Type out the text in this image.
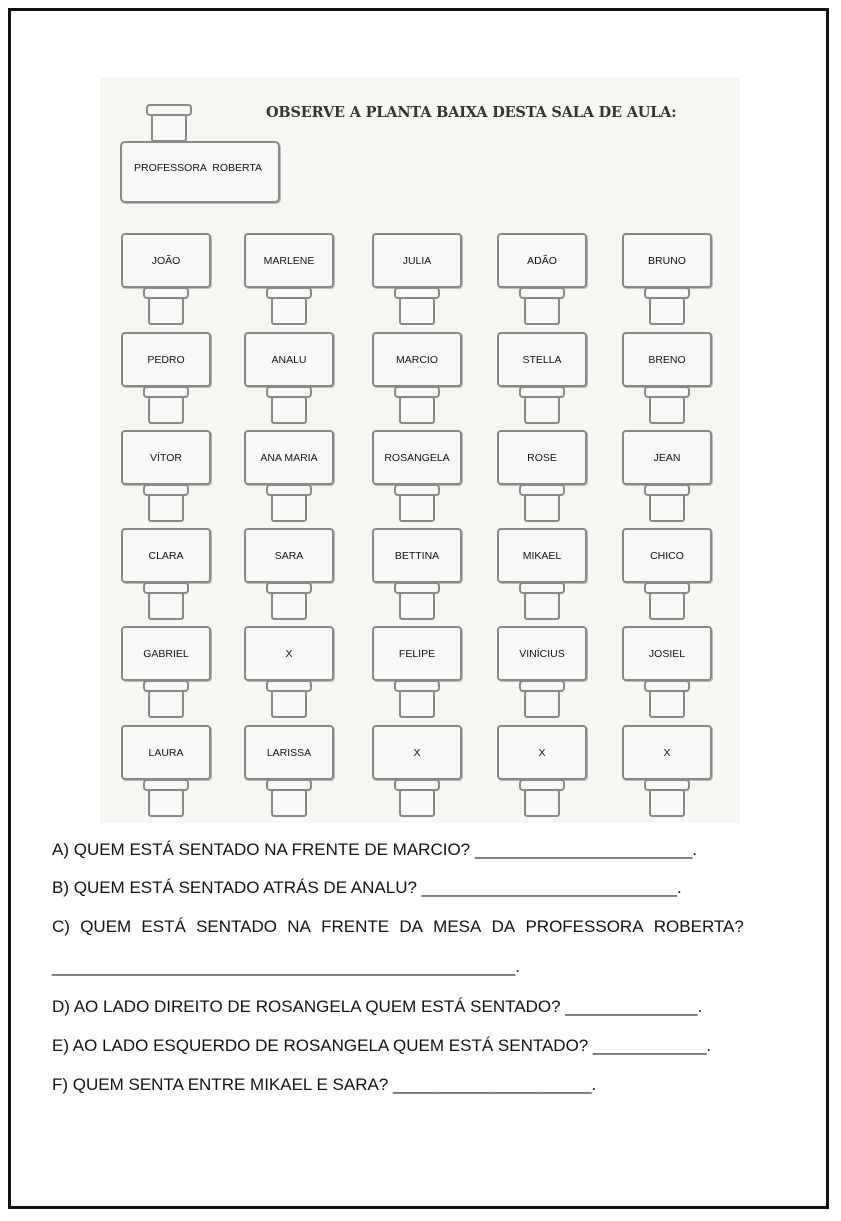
OBSERVE A PLANTA BAIXA DESTA SALA DE AULA:
PROFESSORA ROBERTA
JOÃO	MARLENE	JULIA	ADÃO	BRUNO
PEDRO	ANALU	MARCIO	STELLA	BRENO
VÍTOR	ANA MARIA	ROSANGELA	ROSE	JEAN
CLARA	SARA	BETTINA	MIKAEL	CHICO
GABRIEL	X	FELIPE	VINÍCIUS	JOSIEL
LAURA	LARISSA	X	X	X
A) QUEM ESTÁ SENTADO NA FRENTE DE MARCIO? _______________________.
B) QUEM ESTÁ SENTADO ATRÁS DE ANALU? ___________________________.
C) QUEM ESTÁ SENTADO NA FRENTE DA MESA DA PROFESSORA ROBERTA?
_________________________________________________.
D) AO LADO DIREITO DE ROSANGELA QUEM ESTÁ SENTADO? ______________.
E) AO LADO ESQUERDO DE ROSANGELA QUEM ESTÁ SENTADO? ____________.
F) QUEM SENTA ENTRE MIKAEL E SARA? _____________________.
